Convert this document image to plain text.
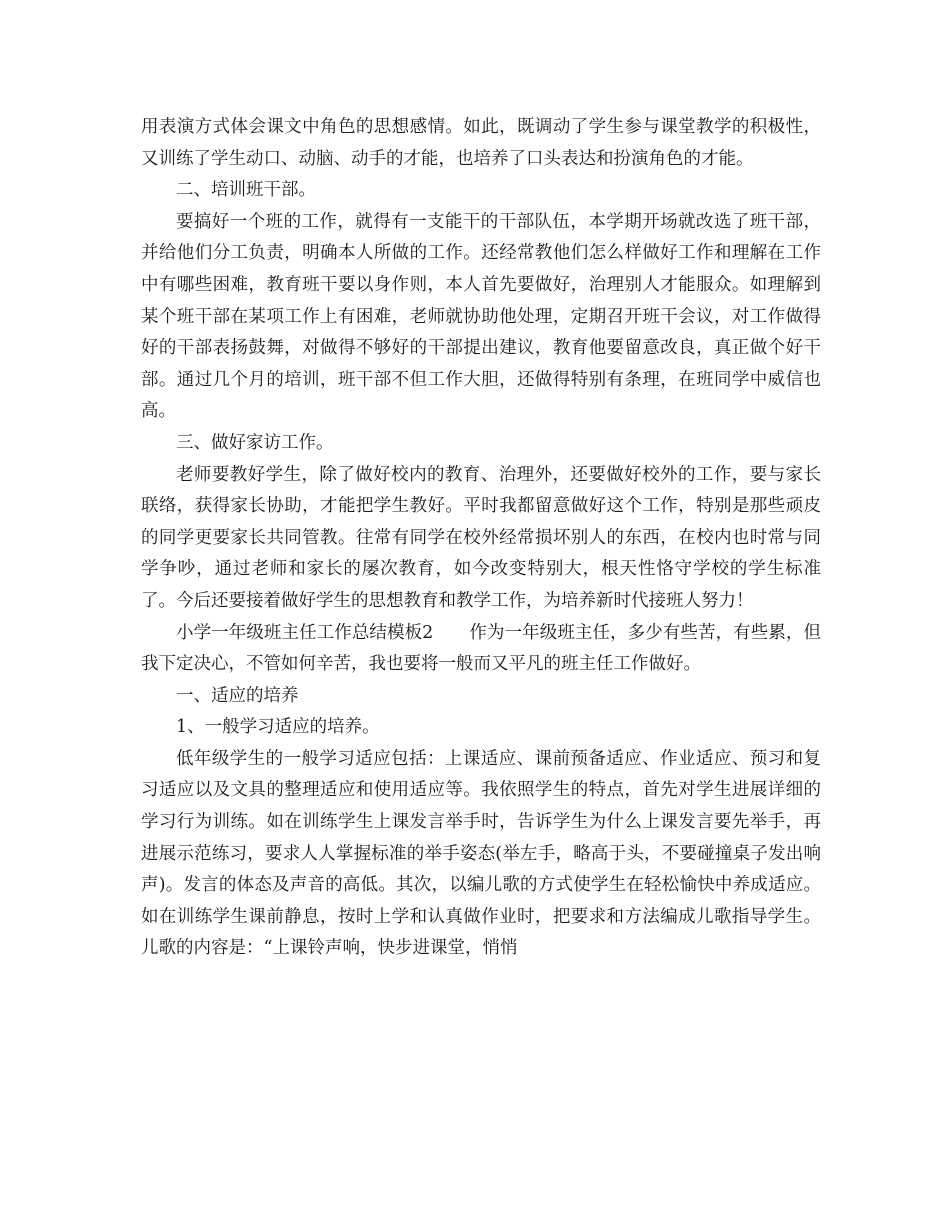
用表演方式体会课文中角色的思想感情。如此，既调动了学生参与课堂教学的积极性，又训练了学生动口、动脑、动手的才能，也培养了口头表达和扮演角色的才能。

二、培训班干部。

要搞好一个班的工作，就得有一支能干的干部队伍，本学期开场就改选了班干部，并给他们分工负责，明确本人所做的工作。还经常教他们怎么样做好工作和理解在工作中有哪些困难，教育班干要以身作则，本人首先要做好，治理别人才能服众。如理解到某个班干部在某项工作上有困难，老师就协助他处理，定期召开班干会议，对工作做得好的干部表扬鼓舞，对做得不够好的干部提出建议，教育他要留意改良，真正做个好干部。通过几个月的培训，班干部不但工作大胆，还做得特别有条理，在班同学中威信也高。

三、做好家访工作。

老师要教好学生，除了做好校内的教育、治理外，还要做好校外的工作，要与家长联络，获得家长协助，才能把学生教好。平时我都留意做好这个工作，特别是那些顽皮的同学更要家长共同管教。往常有同学在校外经常损坏别人的东西，在校内也时常与同学争吵，通过老师和家长的屡次教育，如今改变特别大，根天性恪守学校的学生标准了。今后还要接着做好学生的思想教育和教学工作，为培养新时代接班人努力！

小学一年级班主任工作总结模板2 作为一年级班主任，多少有些苦，有些累，但我下定决心，不管如何辛苦，我也要将一般而又平凡的班主任工作做好。

一、适应的培养

1、一般学习适应的培养。

低年级学生的一般学习适应包括：上课适应、课前预备适应、作业适应、预习和复习适应以及文具的整理适应和使用适应等。我依照学生的特点，首先对学生进展详细的学习行为训练。如在训练学生上课发言举手时，告诉学生为什么上课发言要先举手，再进展示范练习，要求人人掌握标准的举手姿态(举左手，略高于头，不要碰撞桌子发出响声)。发言的体态及声音的高低。其次，以编儿歌的方式使学生在轻松愉快中养成适应。如在训练学生课前静息，按时上学和认真做作业时，把要求和方法编成儿歌指导学生。儿歌的内容是：“上课铃声响，快步进课堂，悄悄
